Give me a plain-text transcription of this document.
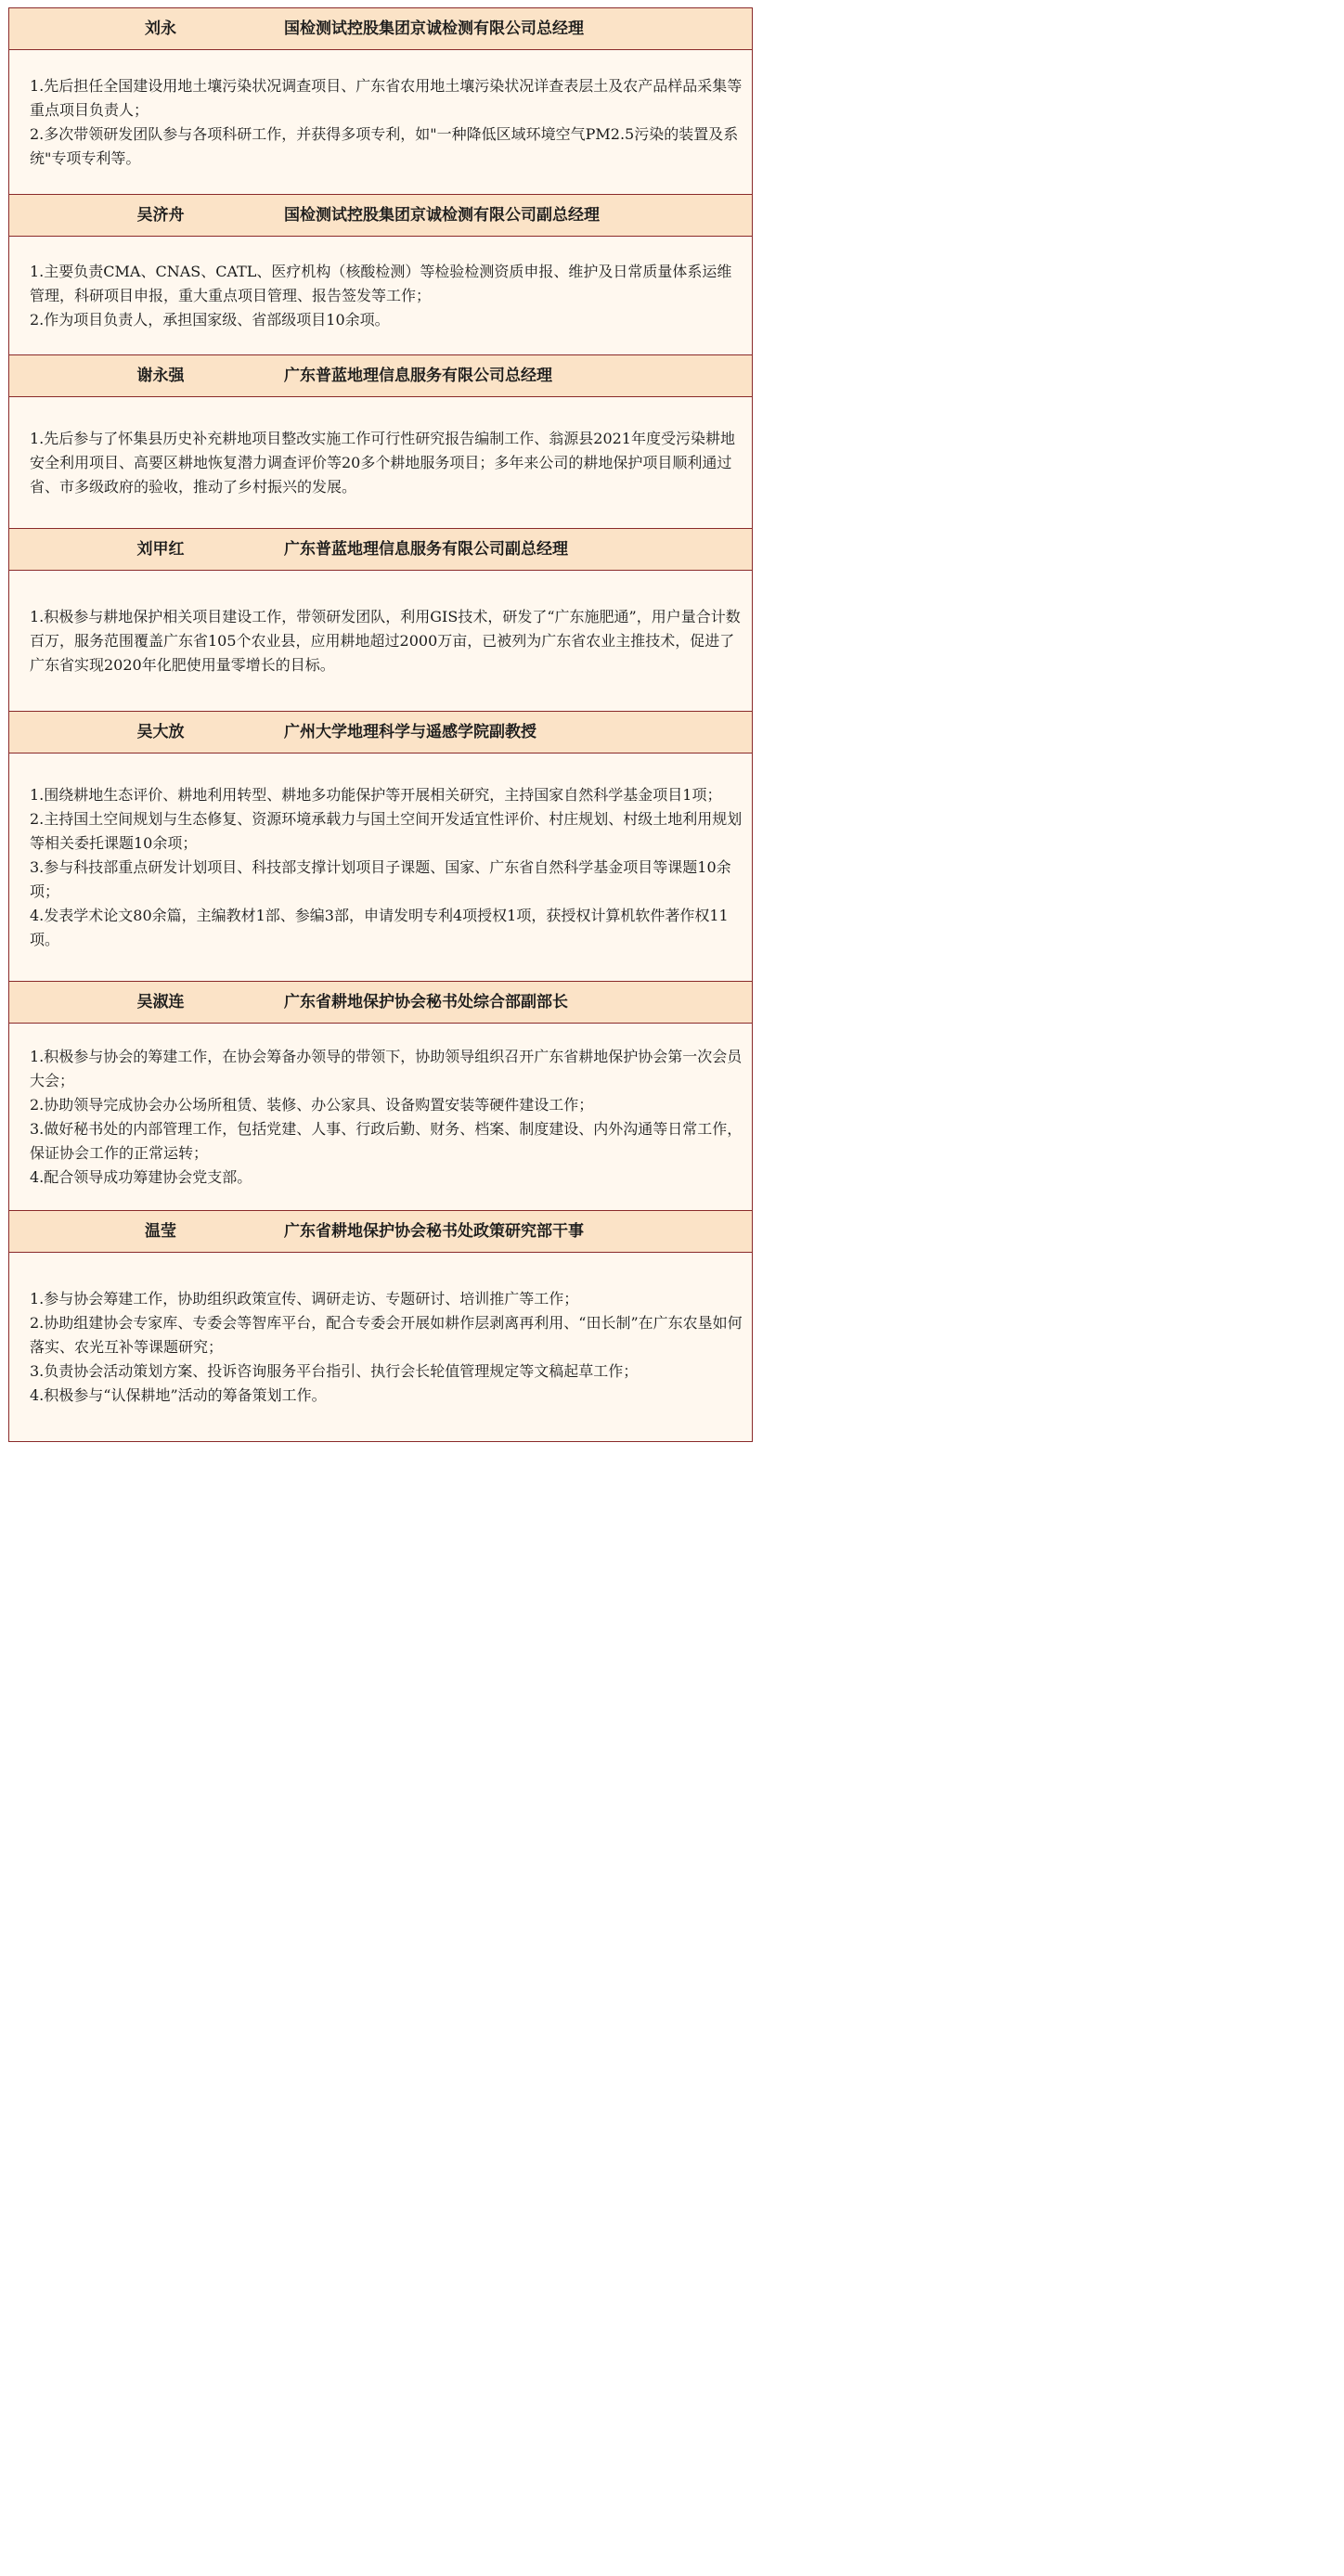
刘永	国检测试控股集团京诚检测有限公司总经理

1.先后担任全国建设用地土壤污染状况调查项目、广东省农用地土壤污染状况详查表层土及农产品样品采集等重点项目负责人；

2.多次带领研发团队参与各项科研工作，并获得多项专利，如"一种降低区域环境空气PM2.5污染的装置及系统"专项专利等。

吴济舟	国检测试控股集团京诚检测有限公司副总经理

1.主要负责CMA、CNAS、CATL、医疗机构（核酸检测）等检验检测资质申报、维护及日常质量体系运维管理，科研项目申报，重大重点项目管理、报告签发等工作；

2.作为项目负责人，承担国家级、省部级项目10余项。

谢永强	广东普蓝地理信息服务有限公司总经理

1.先后参与了怀集县历史补充耕地项目整改实施工作可行性研究报告编制工作、翁源县2021年度受污染耕地安全利用项目、高要区耕地恢复潜力调查评价等20多个耕地服务项目；多年来公司的耕地保护项目顺利通过省、市多级政府的验收，推动了乡村振兴的发展。

刘甲红	广东普蓝地理信息服务有限公司副总经理

1.积极参与耕地保护相关项目建设工作，带领研发团队，利用GIS技术，研发了“广东施肥通”，用户量合计数百万，服务范围覆盖广东省105个农业县，应用耕地超过2000万亩，已被列为广东省农业主推技术，促进了广东省实现2020年化肥使用量零增长的目标。

吴大放	广州大学地理科学与遥感学院副教授

1.围绕耕地生态评价、耕地利用转型、耕地多功能保护等开展相关研究，主持国家自然科学基金项目1项；

2.主持国土空间规划与生态修复、资源环境承载力与国土空间开发适宜性评价、村庄规划、村级土地利用规划等相关委托课题10余项；

3.参与科技部重点研发计划项目、科技部支撑计划项目子课题、国家、广东省自然科学基金项目等课题10余项；

4.发表学术论文80余篇，主编教材1部、参编3部，申请发明专利4项授权1项，获授权计算机软件著作权11项。

吴淑连	广东省耕地保护协会秘书处综合部副部长

1.积极参与协会的筹建工作，在协会筹备办领导的带领下，协助领导组织召开广东省耕地保护协会第一次会员大会；

2.协助领导完成协会办公场所租赁、装修、办公家具、设备购置安装等硬件建设工作；

3.做好秘书处的内部管理工作，包括党建、人事、行政后勤、财务、档案、制度建设、内外沟通等日常工作，保证协会工作的正常运转；

4.配合领导成功筹建协会党支部。

温莹	广东省耕地保护协会秘书处政策研究部干事

1.参与协会筹建工作，协助组织政策宣传、调研走访、专题研讨、培训推广等工作；

2.协助组建协会专家库、专委会等智库平台，配合专委会开展如耕作层剥离再利用、“田长制”在广东农垦如何落实、农光互补等课题研究；

3.负责协会活动策划方案、投诉咨询服务平台指引、执行会长轮值管理规定等文稿起草工作；

4.积极参与“认保耕地”活动的筹备策划工作。
